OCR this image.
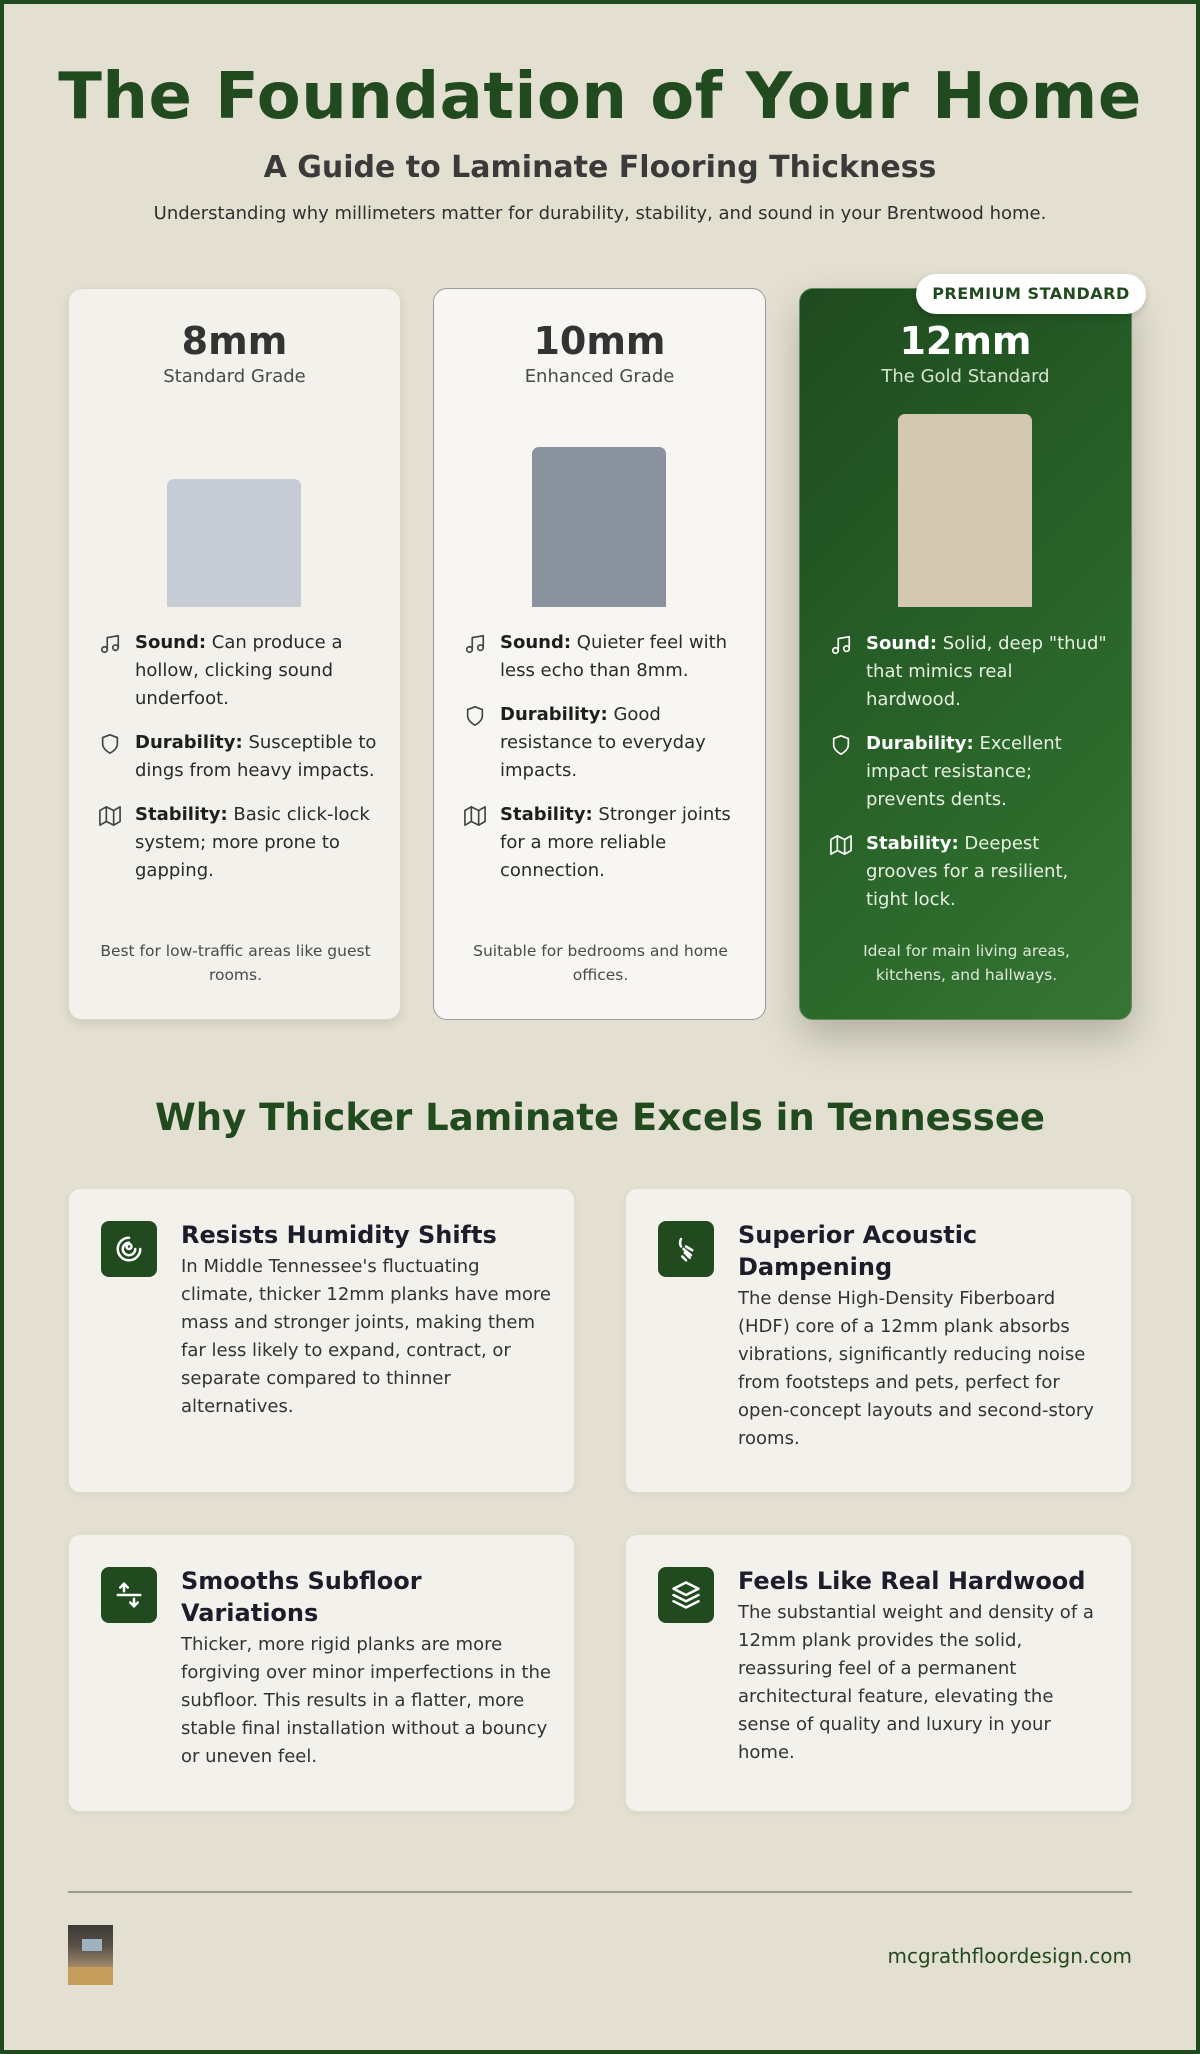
The Foundation of Your Home
A Guide to Laminate Flooring Thickness

Understanding why millimeters matter for durability, stability, and sound in your Brentwood home.

8mm
Standard Grade
Sound: Can produce a hollow, clicking sound underfoot.
Durability: Susceptible to dings from heavy impacts.
Stability: Basic click-lock system; more prone to gapping.
Best for low-traffic areas like guest rooms.
10mm
Enhanced Grade
Sound: Quieter feel with less echo than 8mm.
Durability: Good resistance to everyday impacts.
Stability: Stronger joints for a more reliable connection.
Suitable for bedrooms and home offices.
12mm
The Gold Standard
Sound: Solid, deep "thud" that mimics real hardwood.
Durability: Excellent impact resistance; prevents dents.
Stability: Deepest grooves for a resilient, tight lock.
Ideal for main living areas, kitchens, and hallways.
PREMIUM STANDARD
Why Thicker Laminate Excels in Tennessee
Resists Humidity Shifts
In Middle Tennessee's fluctuating climate, thicker 12mm planks have more mass and stronger joints, making them far less likely to expand, contract, or separate compared to thinner alternatives.
Superior Acoustic Dampening
The dense High-Density Fiberboard (HDF) core of a 12mm plank absorbs vibrations, significantly reducing noise from footsteps and pets, perfect for open-concept layouts and second-story rooms.
Smooths Subfloor Variations
Thicker, more rigid planks are more forgiving over minor imperfections in the subfloor. This results in a flatter, more stable final installation without a bouncy or uneven feel.
Feels Like Real Hardwood
The substantial weight and density of a 12mm plank provides the solid, reassuring feel of a permanent architectural feature, elevating the sense of quality and luxury in your home.
mcgrathfloordesign.com
